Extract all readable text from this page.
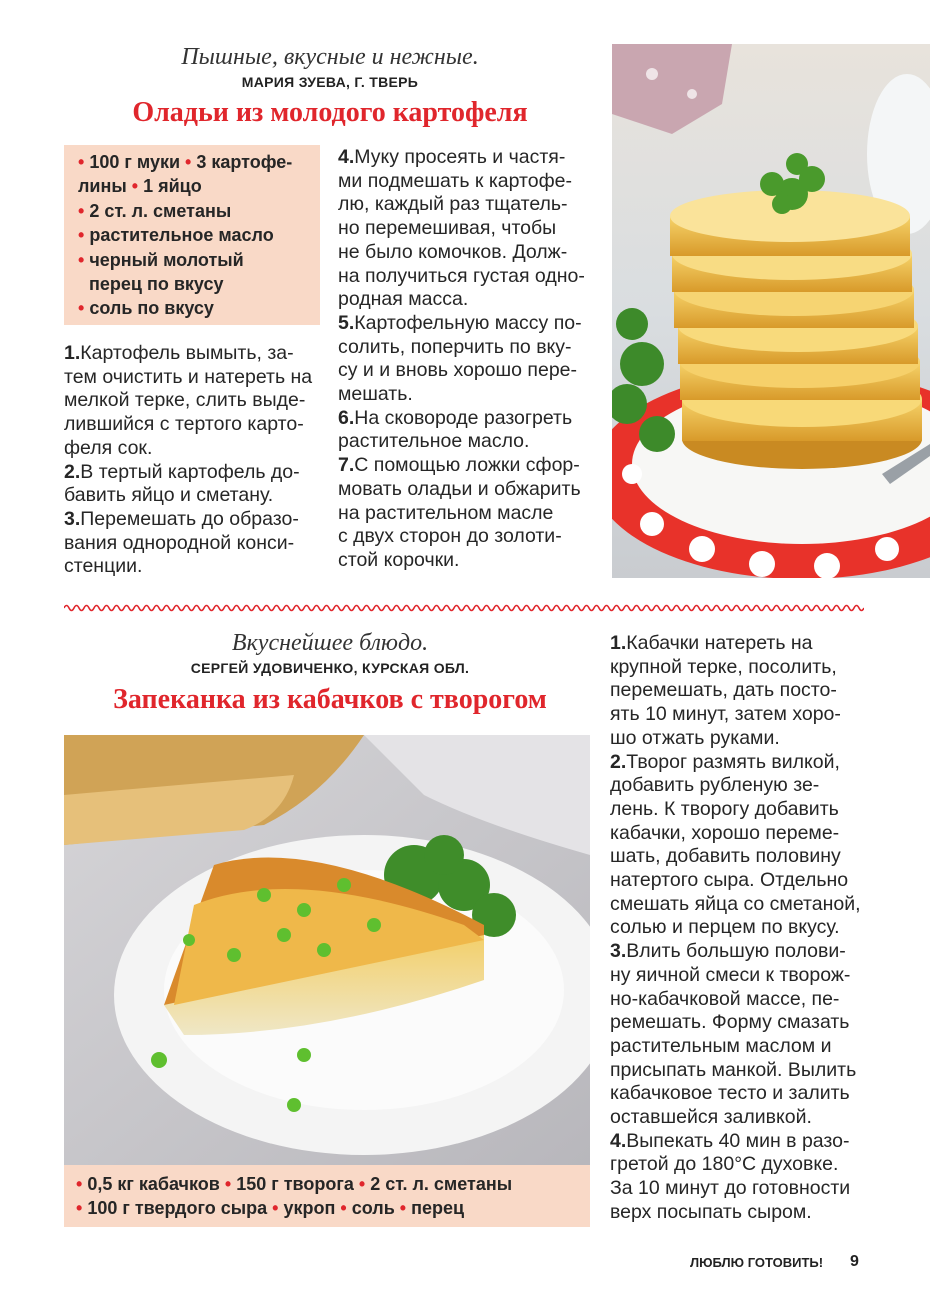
Пышные, вкусные и нежные.
МАРИЯ ЗУЕВА, Г. ТВЕРЬ
Оладьи из молодого картофеля
• 100 г муки • 3 картофе-
лины • 1 яйцо
• 2 ст. л. сметаны
• растительное масло
• черный молотый
перец по вкусу
• соль по вкусу

1.Картофель вымыть, за-
тем очистить и натереть на
мелкой терке, слить выде-
лившийся с тертого карто-
феля сок.

2.В тертый картофель до-
бавить яйцо и сметану.

3.Перемешать до образо-
вания однородной конси-
стенции.

4.Муку просеять и частя-
ми подмешать к картофе-
лю, каждый раз тщатель-
но перемешивая, чтобы
не было комочков. Долж-
на получиться густая одно-
родная масса.

5.Картофельную массу по-
солить, поперчить по вку-
су и и вновь хорошо пере-
мешать.

6.На сковороде разогреть
растительное масло.

7.С помощью ложки сфор-
мовать оладьи и обжарить
на растительном масле
с двух сторон до золоти-
стой корочки.

Вкуснейшее блюдо.
СЕРГЕЙ УДОВИЧЕНКО, КУРСКАЯ ОБЛ.
Запеканка из кабачков с творогом
• 0,5 кг кабачков • 150 г творога • 2 ст. л. сметаны
• 100 г твердого сыра • укроп • соль • перец

1.Кабачки натереть на
крупной терке, посолить,
перемешать, дать посто-
ять 10 минут, затем хоро-
шо отжать руками.

2.Творог размять вилкой,
добавить рубленую зе-
лень. К творогу добавить
кабачки, хорошо переме-
шать, добавить половину
натертого сыра. Отдельно
смешать яйца со сметаной,
солью и перцем по вкусу.

3.Влить большую полови-
ну яичной смеси к творож-
но-кабачковой массе, пе-
ремешать. Форму смазать
растительным маслом и
присыпать манкой. Вылить
кабачковое тесто и залить
оставшейся заливкой.

4.Выпекать 40 мин в разо-
гретой до 180°С духовке.
За 10 минут до готовности
верх посыпать сыром.

ЛЮБЛЮ ГОТОВИТЬ! 9
